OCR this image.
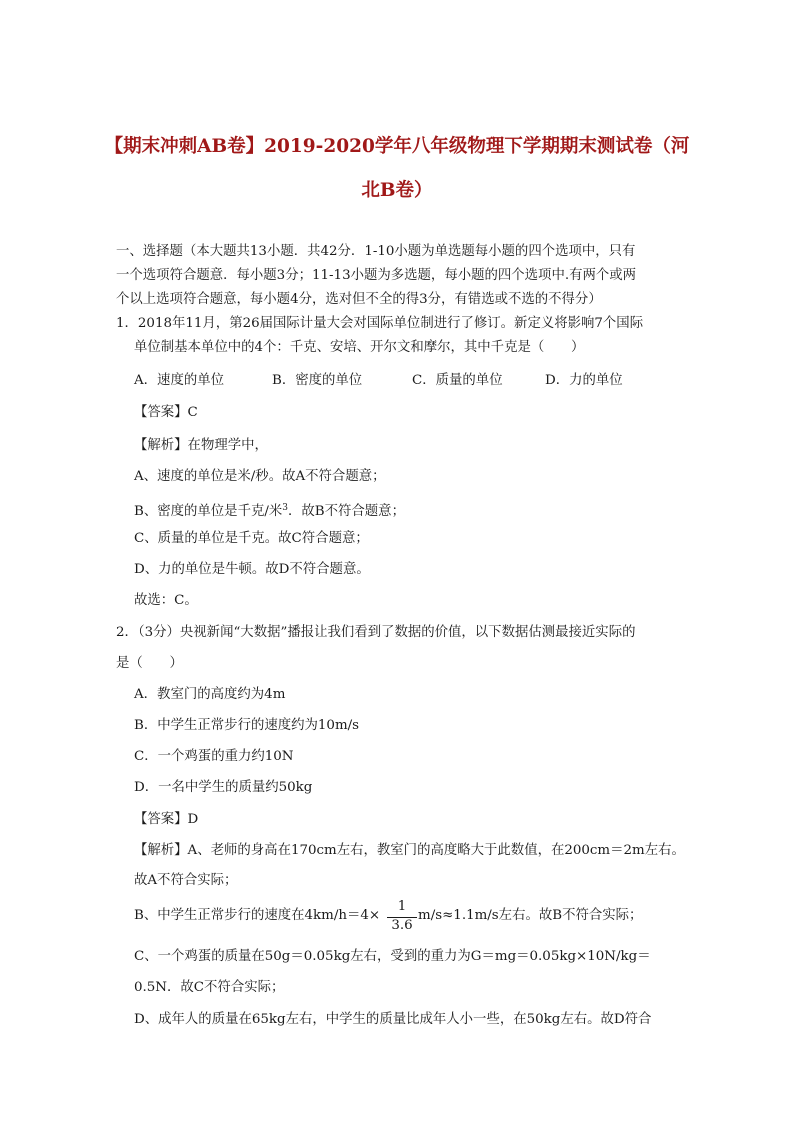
【期末冲刺AB卷】2019-2020学年八年级物理下学期期末测试卷（河
北B卷）
一、选择题（本大题共13小题．共42分．1-10小题为单选题每小题的四个选项中，只有
一个选项符合题意．每小题3分；11-13小题为多选题，每小题的四个选项中.有两个或两
个以上选项符合题意，每小题4分，选对但不全的得3分，有错选或不选的不得分）
1．2018年11月，第26届国际计量大会对国际单位制进行了修订。新定义将影响7个国际
单位制基本单位中的4个：千克、安培、开尔文和摩尔，其中千克是（　　）
A．速度的单位	B．密度的单位	C．质量的单位	D．力的单位
【答案】C
【解析】在物理学中，
A、速度的单位是米/秒。故A不符合题意；
B、密度的单位是千克/米$^3$．故B不符合题意；
C、质量的单位是千克。故C符合题意；
D、力的单位是牛顿。故D不符合题意。
故选：C。
2．（3分）央视新闻“大数据”播报让我们看到了数据的价值，以下数据估测最接近实际的
是（　　）
A．教室门的高度约为4m
B．中学生正常步行的速度约为10m/s
C．一个鸡蛋的重力约10N
D．一名中学生的质量约50kg
【答案】D
【解析】A、老师的身高在170cm左右，教室门的高度略大于此数值，在200cm＝2m左右。
故A不符合实际；
B、中学生正常步行的速度在4km/h＝4×
1
3.6
m/s≈1.1m/s左右。故B不符合实际；
C、一个鸡蛋的质量在50g＝0.05kg左右，受到的重力为G＝mg＝0.05kg×10N/kg＝
0.5N．故C不符合实际；
D、成年人的质量在65kg左右，中学生的质量比成年人小一些，在50kg左右。故D符合
